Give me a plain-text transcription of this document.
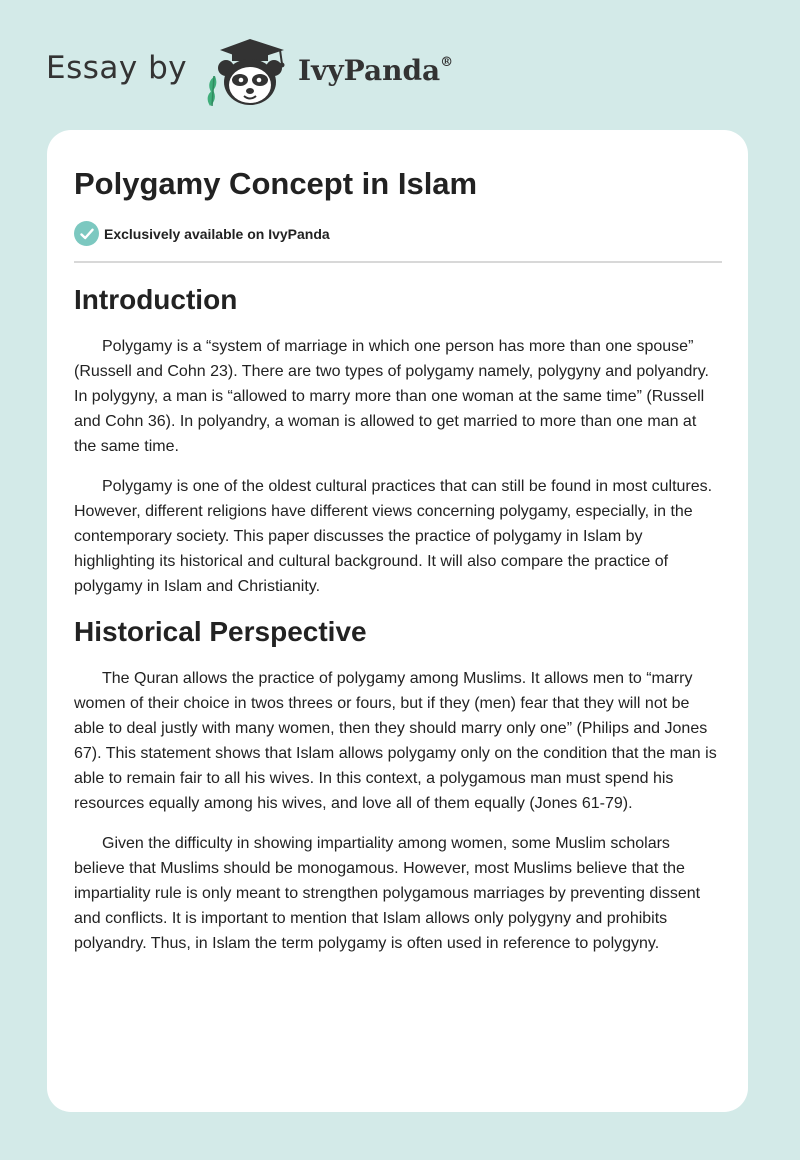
Essay by	IvyPanda®
Polygamy Concept in Islam
Exclusively available on IvyPanda
Introduction

Polygamy is a “system of marriage in which one person has more than one spouse” (Russell and Cohn 23). There are two types of polygamy namely, polygyny and polyandry. In polygyny, a man is “allowed to marry more than one woman at the same time” (Russell and Cohn 36). In polyandry, a woman is allowed to get married to more than one man at the same time.

Polygamy is one of the oldest cultural practices that can still be found in most cultures. However, different religions have different views concerning polygamy, especially, in the contemporary society. This paper discusses the practice of polygamy in Islam by highlighting its historical and cultural background. It will also compare the practice of polygamy in Islam and Christianity.

Historical Perspective

The Quran allows the practice of polygamy among Muslims. It allows men to “marry women of their choice in twos threes or fours, but if they (men) fear that they will not be able to deal justly with many women, then they should marry only one” (Philips and Jones 67). This statement shows that Islam allows polygamy only on the condition that the man is able to remain fair to all his wives. In this context, a polygamous man must spend his resources equally among his wives, and love all of them equally (Jones 61-79).

Given the difficulty in showing impartiality among women, some Muslim scholars believe that Muslims should be monogamous. However, most Muslims believe that the impartiality rule is only meant to strengthen polygamous marriages by preventing dissent and conflicts. It is important to mention that Islam allows only polygyny and prohibits polyandry. Thus, in Islam the term polygamy is often used in reference to polygyny.
